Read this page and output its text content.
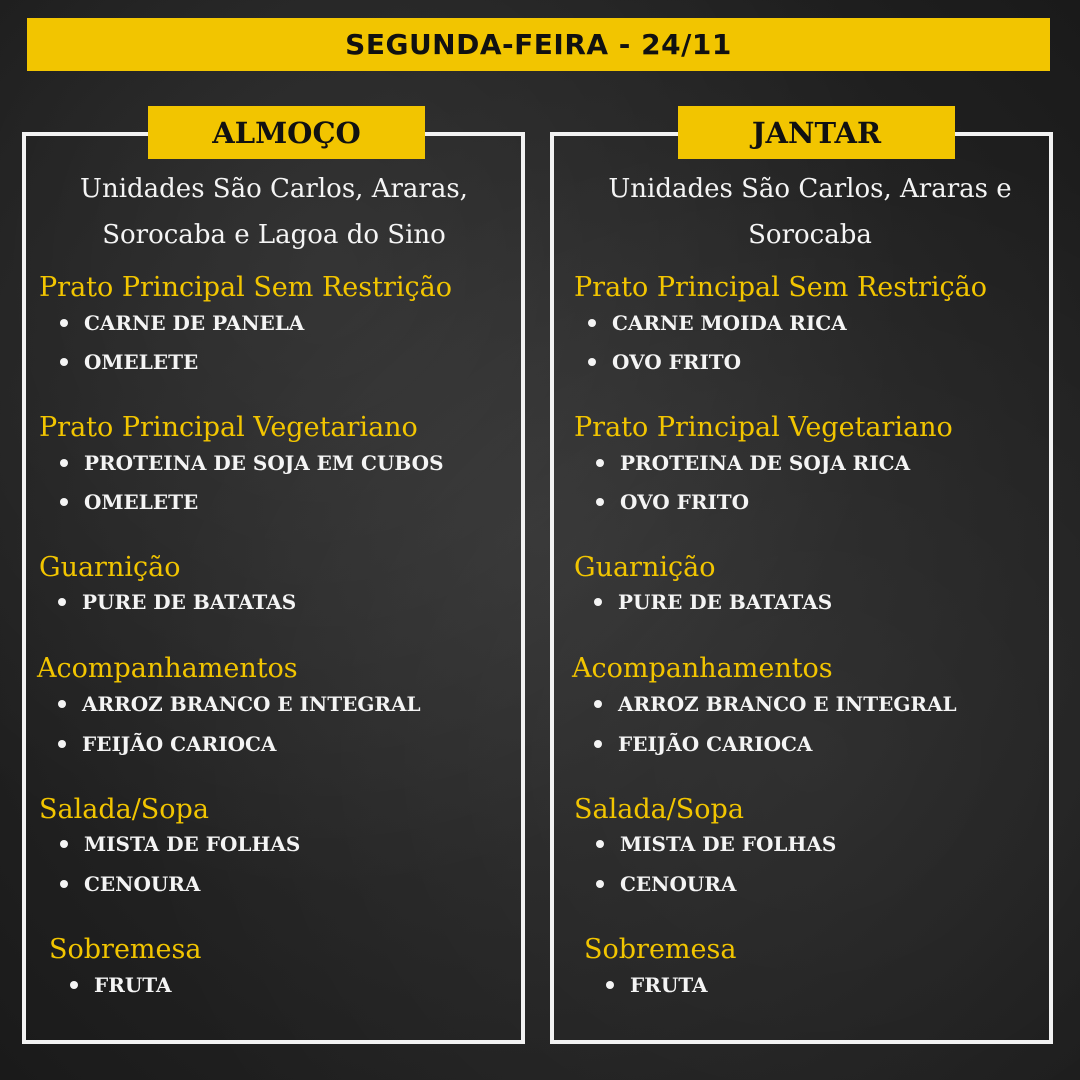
SEGUNDA-FEIRA - 24/11
ALMOÇO	JANTAR
Unidades São Carlos, Araras,
Sorocaba e Lagoa do Sino
Unidades São Carlos, Araras e
Sorocaba
Prato Principal Sem Restrição
CARNE DE PANELA
OMELETE
Prato Principal Vegetariano
PROTEINA DE SOJA EM CUBOS
OMELETE
Guarnição
PURE DE BATATAS
Acompanhamentos
ARROZ BRANCO E INTEGRAL
FEIJÃO CARIOCA
Salada/Sopa
MISTA DE FOLHAS
CENOURA
Sobremesa
FRUTA
Prato Principal Sem Restrição
CARNE MOIDA RICA
OVO FRITO
Prato Principal Vegetariano
PROTEINA DE SOJA RICA
OVO FRITO
Guarnição
PURE DE BATATAS
Acompanhamentos
ARROZ BRANCO E INTEGRAL
FEIJÃO CARIOCA
Salada/Sopa
MISTA DE FOLHAS
CENOURA
Sobremesa
FRUTA
